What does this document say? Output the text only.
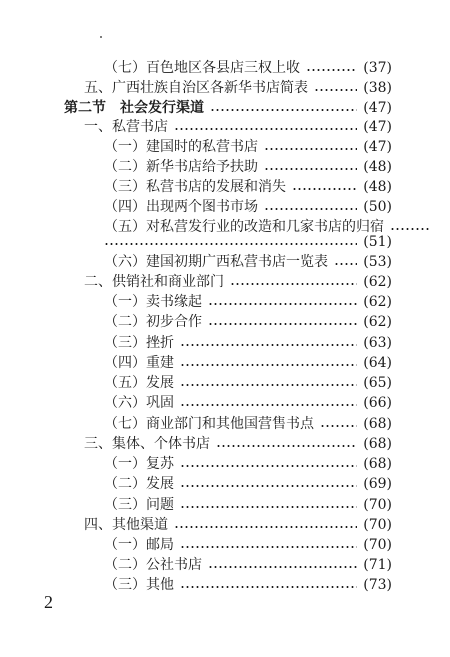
（七）百色地区各县店三权上收	(37)
五、广西壮族自治区各新华书店简表	(38)
第二节　社会发行渠道	(47)
一、私营书店	(47)
（一）建国时的私营书店	(47)
（二）新华书店给予扶助	(48)
（三）私营书店的发展和消失	(48)
（四）出现两个图书市场	(50)
（五）对私营发行业的改造和几家书店的归宿
(51)
（六）建国初期广西私营书店一览表	(53)
二、供销社和商业部门	(62)
（一）卖书缘起	(62)
（二）初步合作	(62)
（三）挫折	(63)
（四）重建	(64)
（五）发展	(65)
（六）巩固	(66)
（七）商业部门和其他国营售书点	(68)
三、集体、个体书店	(68)
（一）复苏	(68)
（二）发展	(69)
（三）问题	(70)
四、其他渠道	(70)
（一）邮局	(70)
（二）公社书店	(71)
（三）其他	(73)
2
